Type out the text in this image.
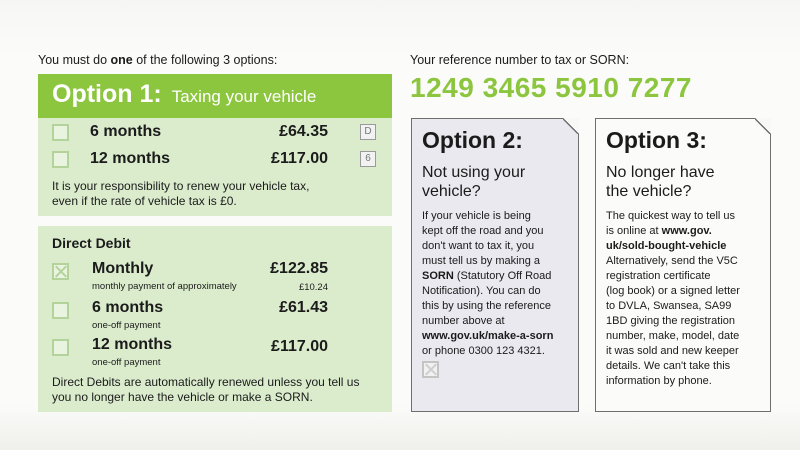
You must do one of the following 3 options:	Your reference number to tax or SORN:
1249 3465 5910 7277
Option 1: Taxing your vehicle
6 months	£64.35	D
12 months	£117.00	6
It is your responsibility to renew your vehicle tax,
even if the rate of vehicle tax is £0.
Direct Debit
Monthly	£122.85
monthly payment of approximately	£10.24
6 months	£61.43
one-off payment
12 months	£117.00
one-off payment
Direct Debits are automatically renewed unless you tell us
you no longer have the vehicle or make a SORN.
Option 2:
Not using your
vehicle?
If your vehicle is being
kept off the road and you
don't want to tax it, you
must tell us by making a
SORN (Statutory Off Road
Notification). You can do
this by using the reference
number above at
www.gov.uk/make-a-sorn
or phone 0300 123 4321.
Option 3:
No longer have
the vehicle?
The quickest way to tell us
is online at www.gov.
uk/sold-bought-vehicle
Alternatively, send the V5C
registration certificate
(log book) or a signed letter
to DVLA, Swansea, SA99
1BD giving the registration
number, make, model, date
it was sold and new keeper
details. We can't take this
information by phone.
